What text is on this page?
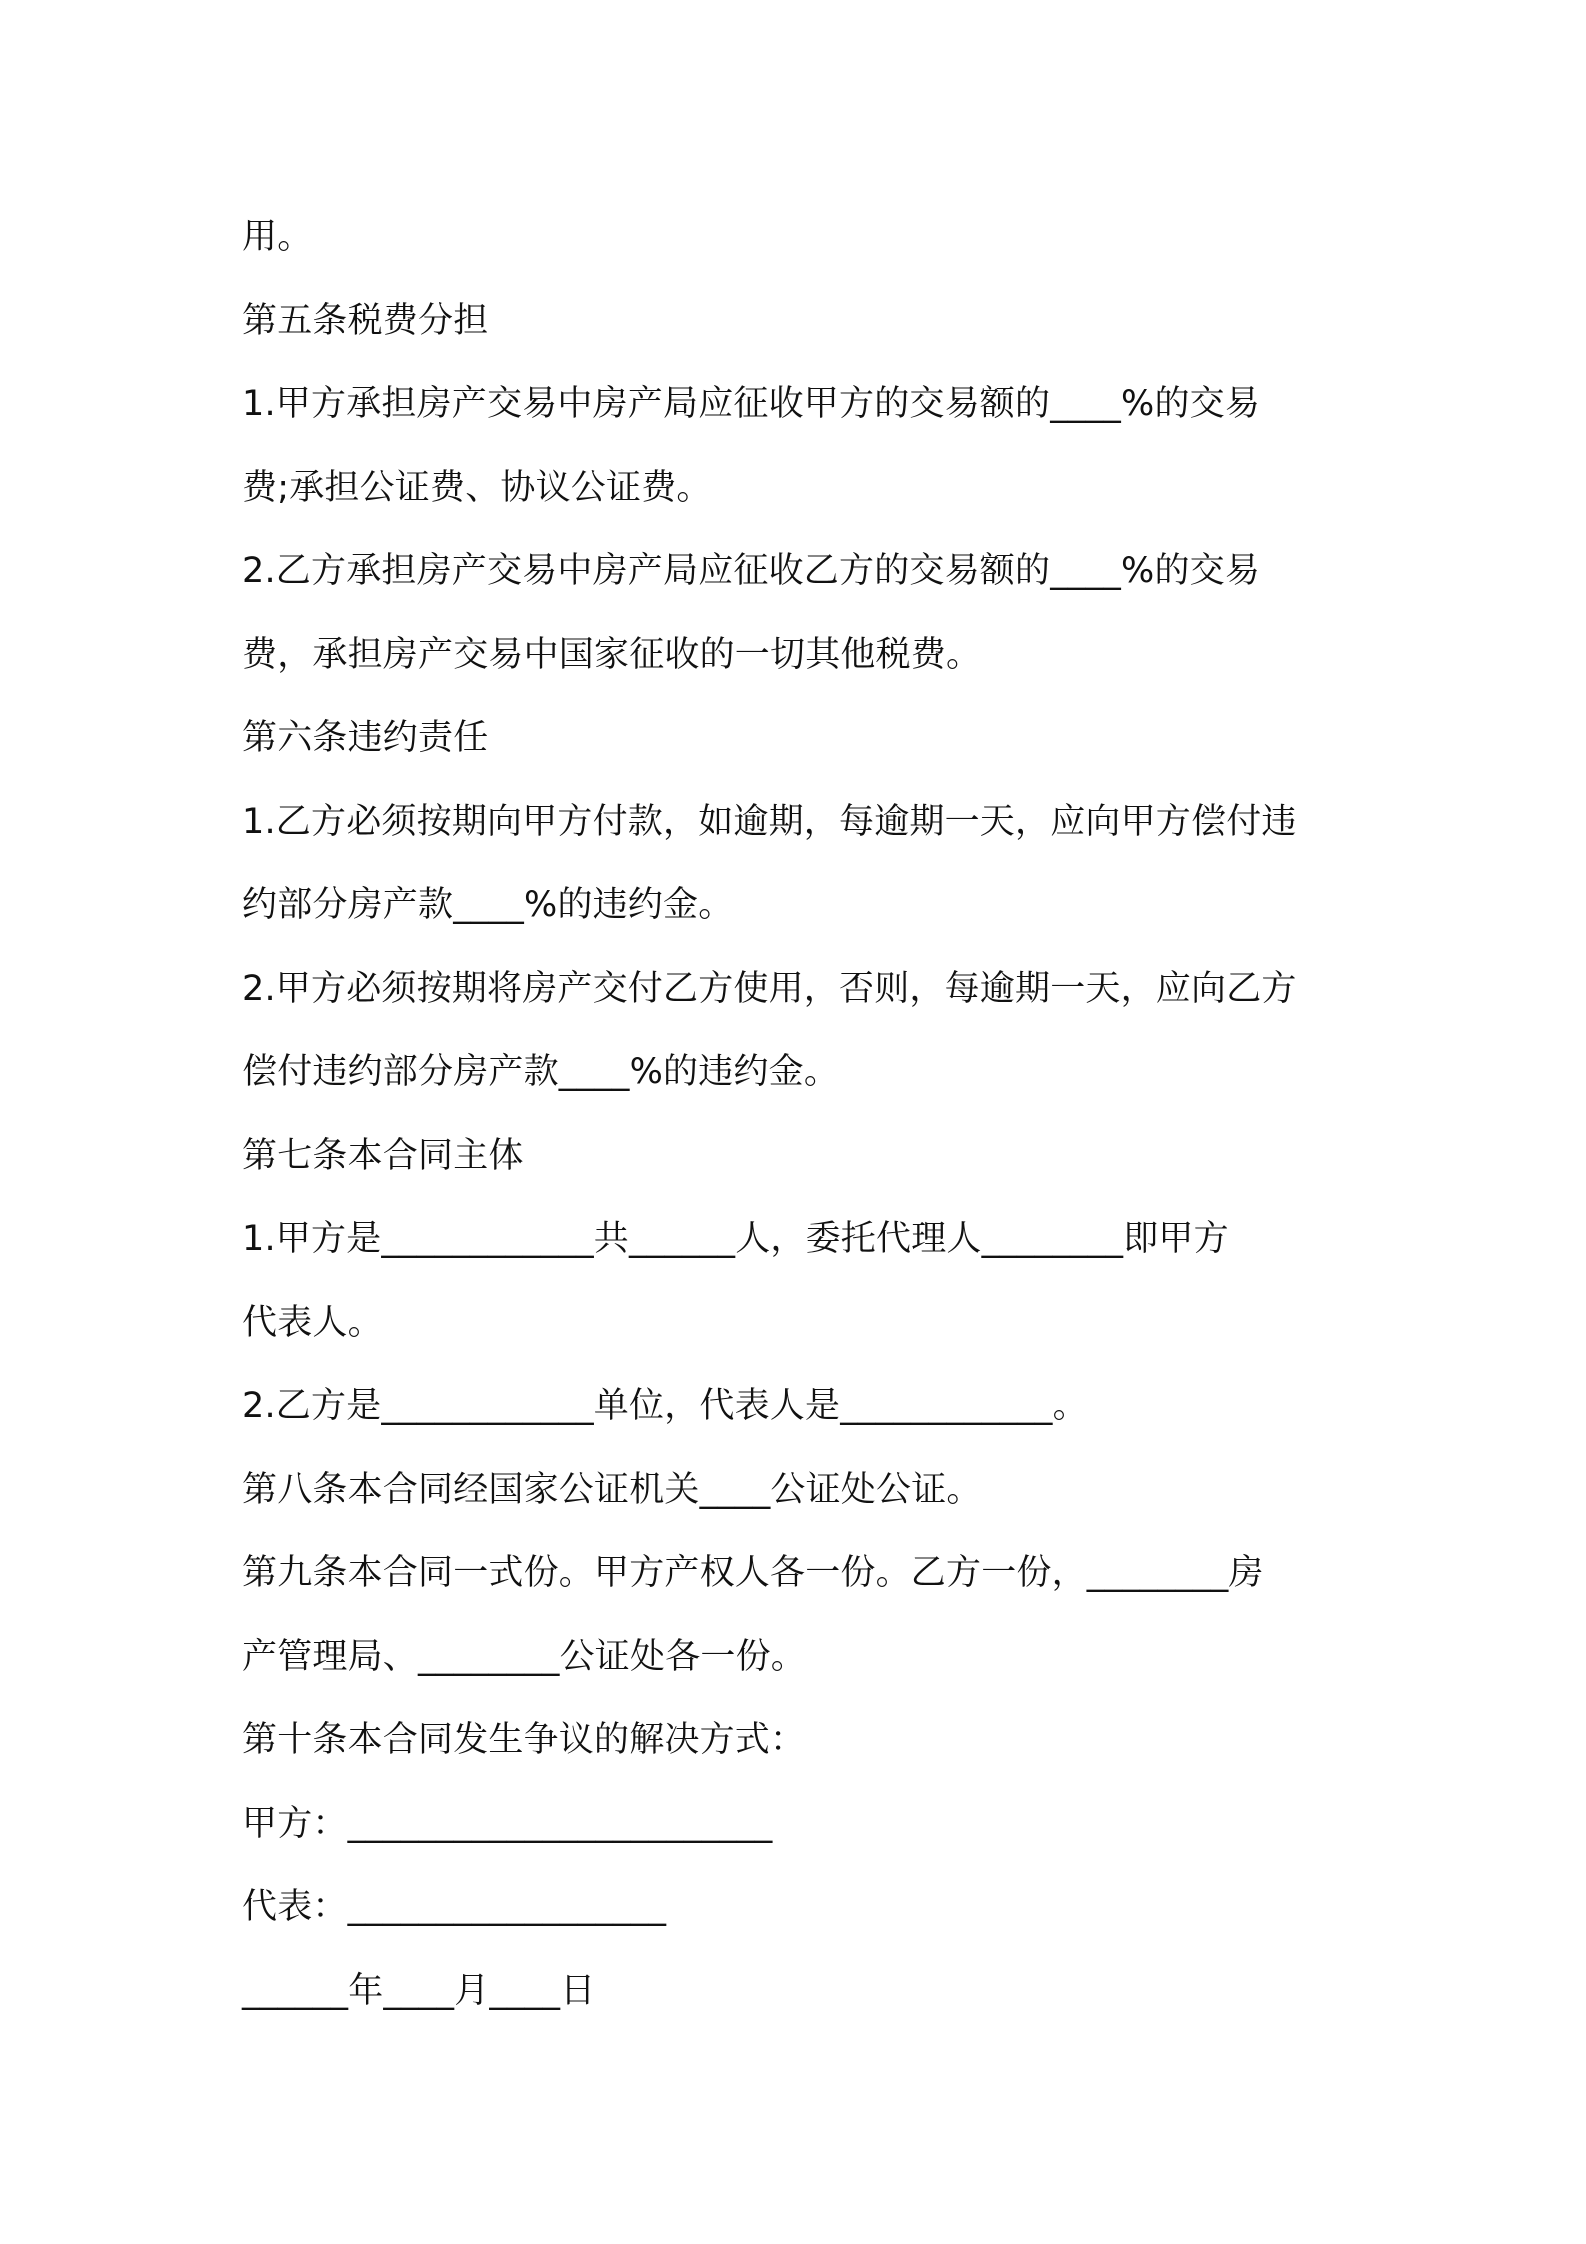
用。
第五条税费分担
1.甲方承担房产交易中房产局应征收甲方的交易额的____%的交易
费;承担公证费、协议公证费。
2.乙方承担房产交易中房产局应征收乙方的交易额的____%的交易
费，承担房产交易中国家征收的一切其他税费。
第六条违约责任
1.乙方必须按期向甲方付款，如逾期，每逾期一天，应向甲方偿付违
约部分房产款____%的违约金。
2.甲方必须按期将房产交付乙方使用，否则，每逾期一天，应向乙方
偿付违约部分房产款____%的违约金。
第七条本合同主体
1.甲方是____________共______人，委托代理人________即甲方
代表人。
2.乙方是____________单位，代表人是____________。
第八条本合同经国家公证机关____公证处公证。
第九条本合同一式份。甲方产权人各一份。乙方一份，________房
产管理局、________公证处各一份。
第十条本合同发生争议的解决方式：
甲方：________________________
代表：__________________
______年____月____日
